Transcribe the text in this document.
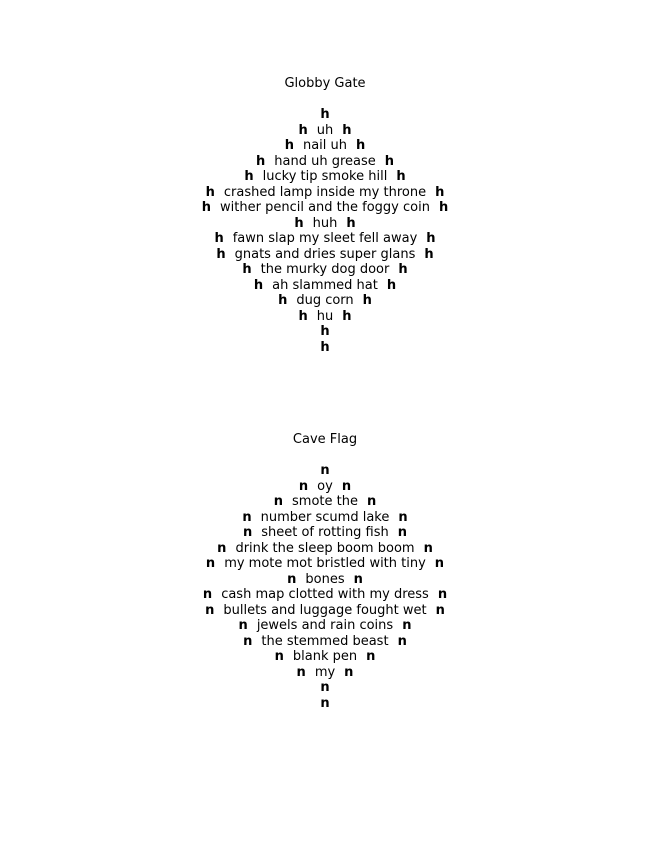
Globby Gate
h
h uh h
h nail uh h
h hand uh grease h
h lucky tip smoke hill h
h crashed lamp inside my throne h
h wither pencil and the foggy coin h
h huh h
h fawn slap my sleet fell away h
h gnats and dries super glans h
h the murky dog door h
h ah slammed hat h
h dug corn h
h hu h
h
h
Cave Flag
n
n oy n
n smote the n
n number scumd lake n
n sheet of rotting fish n
n drink the sleep boom boom n
n my mote mot bristled with tiny n
n bones n
n cash map clotted with my dress n
n bullets and luggage fought wet n
n jewels and rain coins n
n the stemmed beast n
n blank pen n
n my n
n
n
